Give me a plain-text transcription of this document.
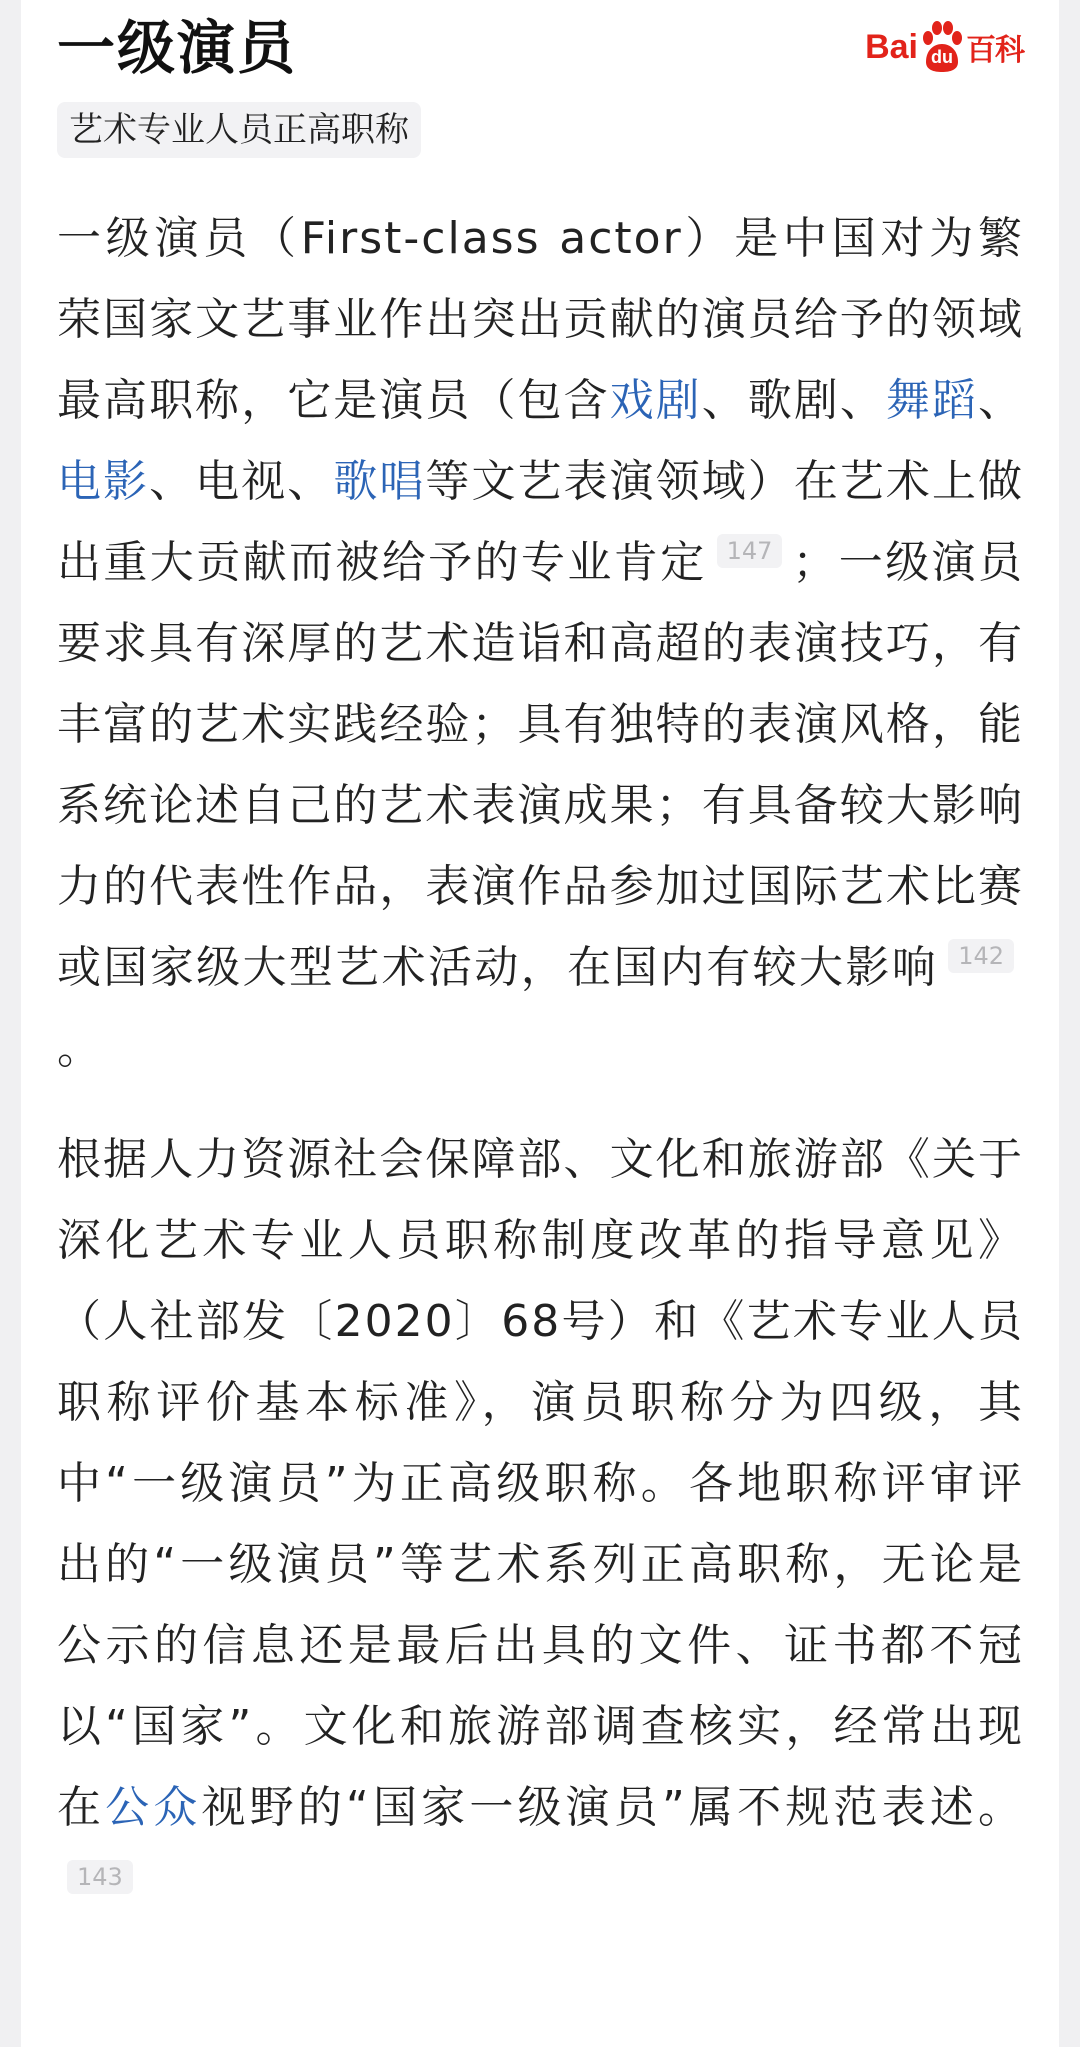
一级演员	Bai du 百科
艺术专业人员正高职称

一级演员（First-class actor）是中国对为繁荣国家文艺事业作出突出贡献的演员给予的领域最高职称，它是演员（包含戏剧、歌剧、舞蹈、电影、电视、歌唱等文艺表演领域）在艺术上做出重大贡献而被给予的专业肯定 147 ；一级演员要求具有深厚的艺术造诣和高超的表演技巧，有丰富的艺术实践经验；具有独特的表演风格，能系统论述自己的艺术表演成果；有具备较大影响力的代表性作品，表演作品参加过国际艺术比赛或国家级大型艺术活动，在国内有较大影响 142。

根据人力资源社会保障部、文化和旅游部《关于深化艺术专业人员职称制度改革的指导意见》（人社部发〔2020〕68号）和《艺术专业人员职称评价基本标准》，演员职称分为四级，其中“一级演员”为正高级职称。各地职称评审评出的“一级演员”等艺术系列正高职称，无论是公示的信息还是最后出具的文件、证书都不冠以“国家”。文化和旅游部调查核实，经常出现在公众视野的“国家一级演员”属不规范表述。143
